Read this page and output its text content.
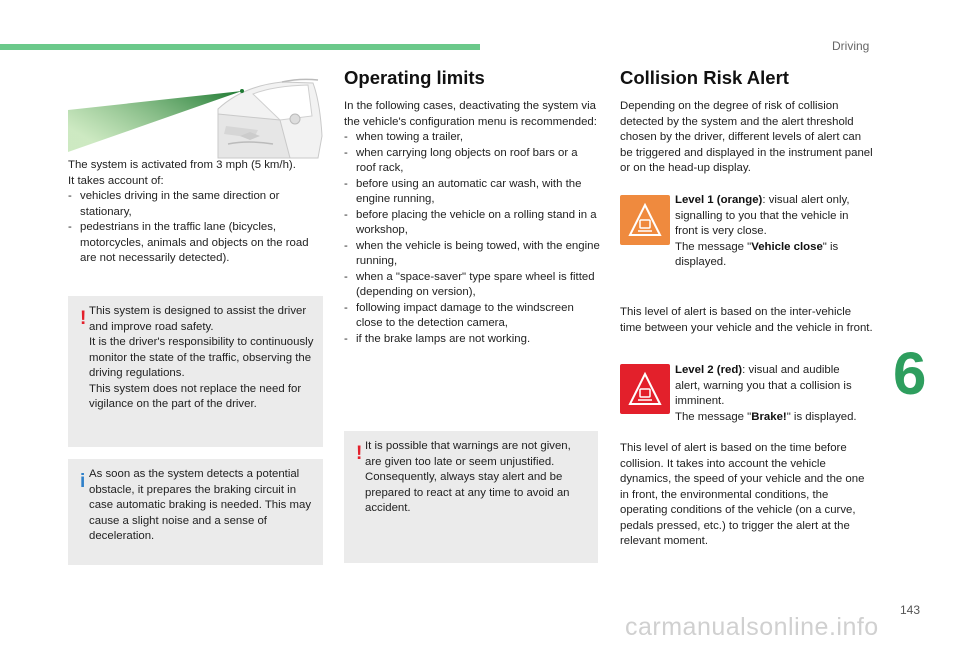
Driving
6
143
carmanualsonline.info

The system is activated from 3 mph (5 km/h).

It takes account of:

- vehicles driving in the same direction or stationary,
- pedestrians in the traffic lane (bicycles, motorcycles, animals and objects on the road are not necessarily detected).
! This system is designed to assist the driver and improve road safety.

It is the driver's responsibility to continuously monitor the state of the traffic, observing the driving regulations.

This system does not replace the need for vigilance on the part of the driver.

i As soon as the system detects a potential obstacle, it prepares the braking circuit in case automatic braking is needed. This may cause a slight noise and a sense of deceleration.

Operating limits

In the following cases, deactivating the system via the vehicle's configuration menu is recommended:

- when towing a trailer,
- when carrying long objects on roof bars or a roof rack,
- before using an automatic car wash, with the engine running,
- before placing the vehicle on a rolling stand in a workshop,
- when the vehicle is being towed, with the engine running,
- when a "space-saver" type spare wheel is fitted (depending on version),
- following impact damage to the windscreen close to the detection camera,
- if the brake lamps are not working.
! It is possible that warnings are not given, are given too late or seem unjustified. Consequently, always stay alert and be prepared to react at any time to avoid an accident.

Collision Risk Alert

Depending on the degree of risk of collision detected by the system and the alert threshold chosen by the driver, different levels of alert can be triggered and displayed in the instrument panel or on the head-up display.

Level 1 (orange): visual alert only, signalling to you that the vehicle in front is very close.

The message "Vehicle close" is displayed.

This level of alert is based on the inter-vehicle time between your vehicle and the vehicle in front.

Level 2 (red): visual and audible alert, warning you that a collision is imminent.

The message "Brake!" is displayed.

This level of alert is based on the time before collision. It takes into account the vehicle dynamics, the speed of your vehicle and the one in front, the environmental conditions, the operating conditions of the vehicle (on a curve, pedals pressed, etc.) to trigger the alert at the relevant moment.
